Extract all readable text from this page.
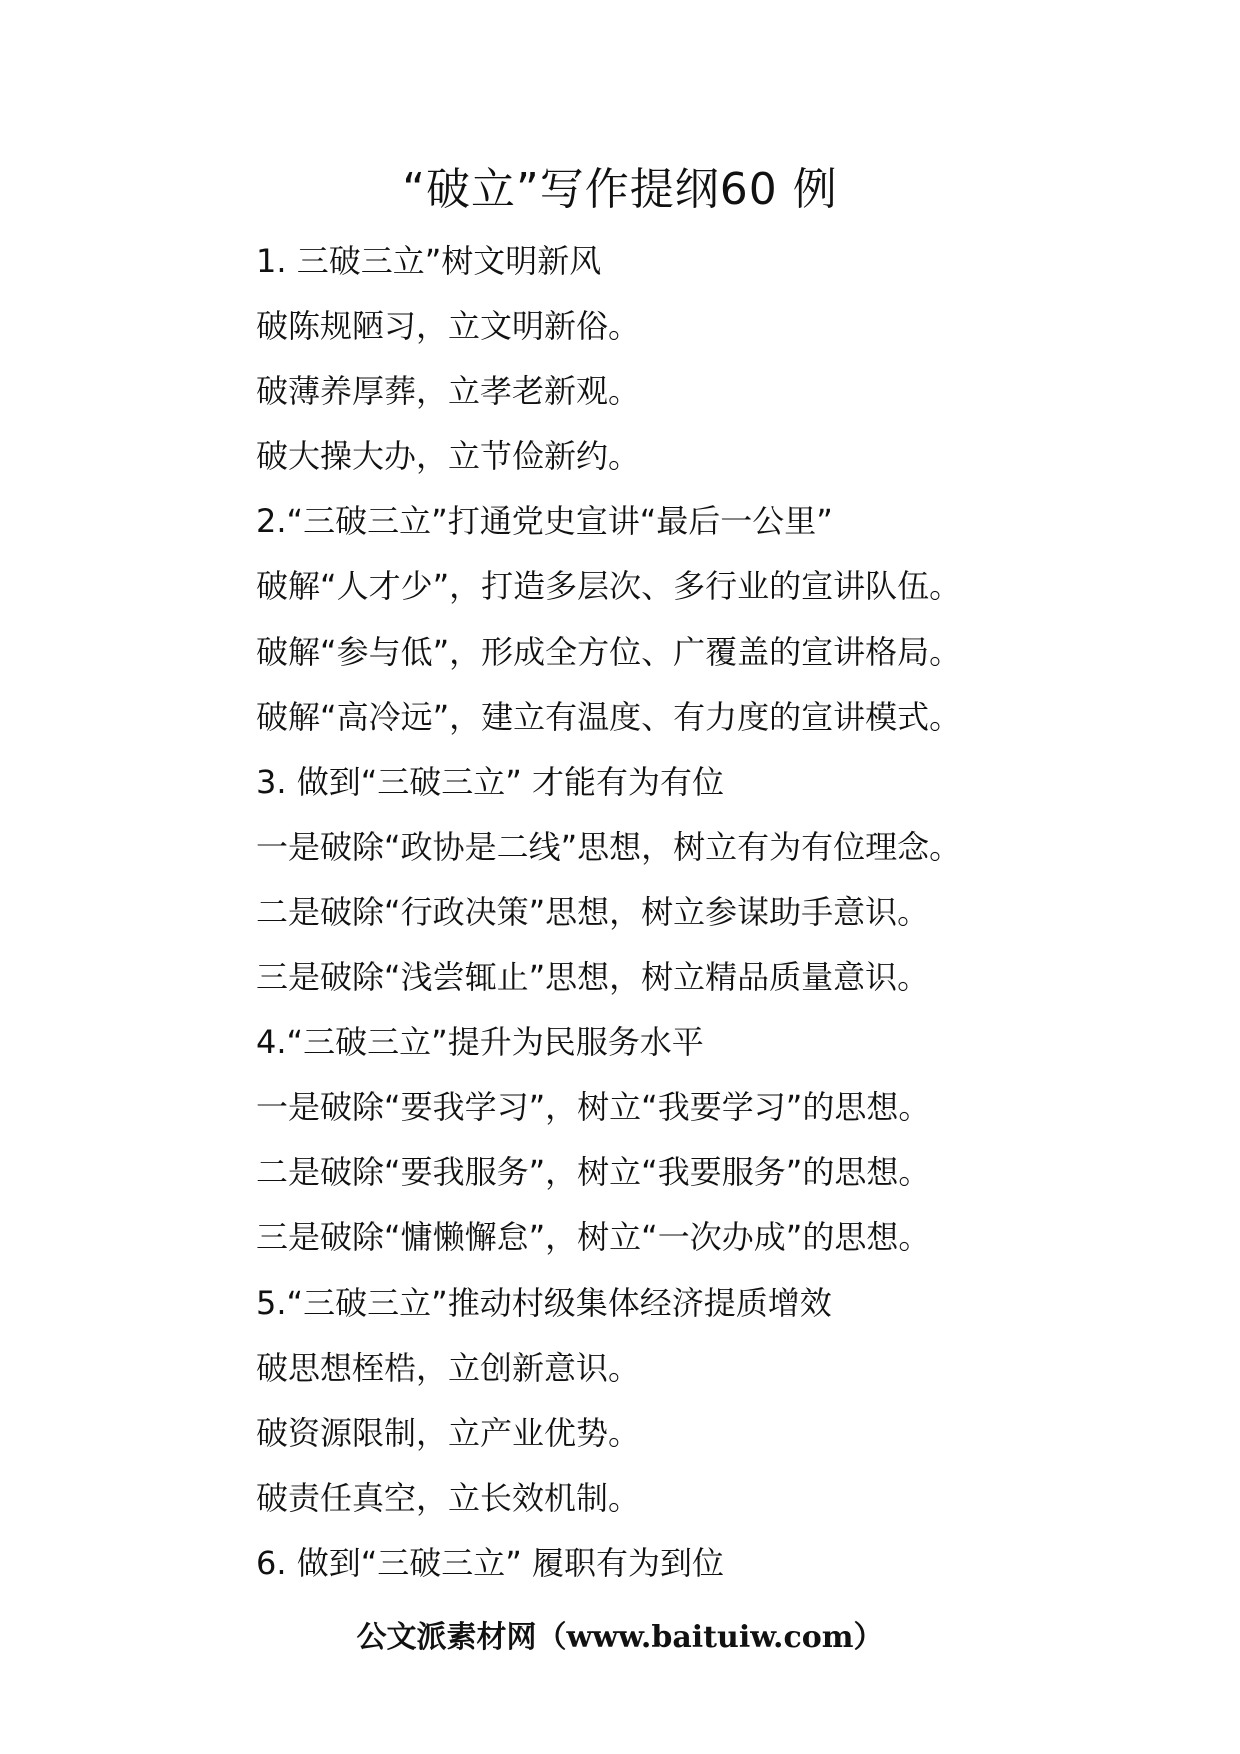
“破立”写作提纲60 例
1. 三破三立”树文明新风
破陈规陋习，立文明新俗。
破薄养厚葬，立孝老新观。
破大操大办，立节俭新约。
2.“三破三立”打通党史宣讲“最后一公里”
破解“人才少”，打造多层次、多行业的宣讲队伍。
破解“参与低”，形成全方位、广覆盖的宣讲格局。
破解“高冷远”，建立有温度、有力度的宣讲模式。
3. 做到“三破三立” 才能有为有位
一是破除“政协是二线”思想，树立有为有位理念。
二是破除“行政决策”思想，树立参谋助手意识。
三是破除“浅尝辄止”思想，树立精品质量意识。
4.“三破三立”提升为民服务水平
一是破除“要我学习”，树立“我要学习”的思想。
二是破除“要我服务”，树立“我要服务”的思想。
三是破除“慵懒懈怠”，树立“一次办成”的思想。
5.“三破三立”推动村级集体经济提质增效
破思想桎梏，立创新意识。
破资源限制，立产业优势。
破责任真空，立长效机制。
6. 做到“三破三立” 履职有为到位
公文派素材网（www.baituiw.com）
